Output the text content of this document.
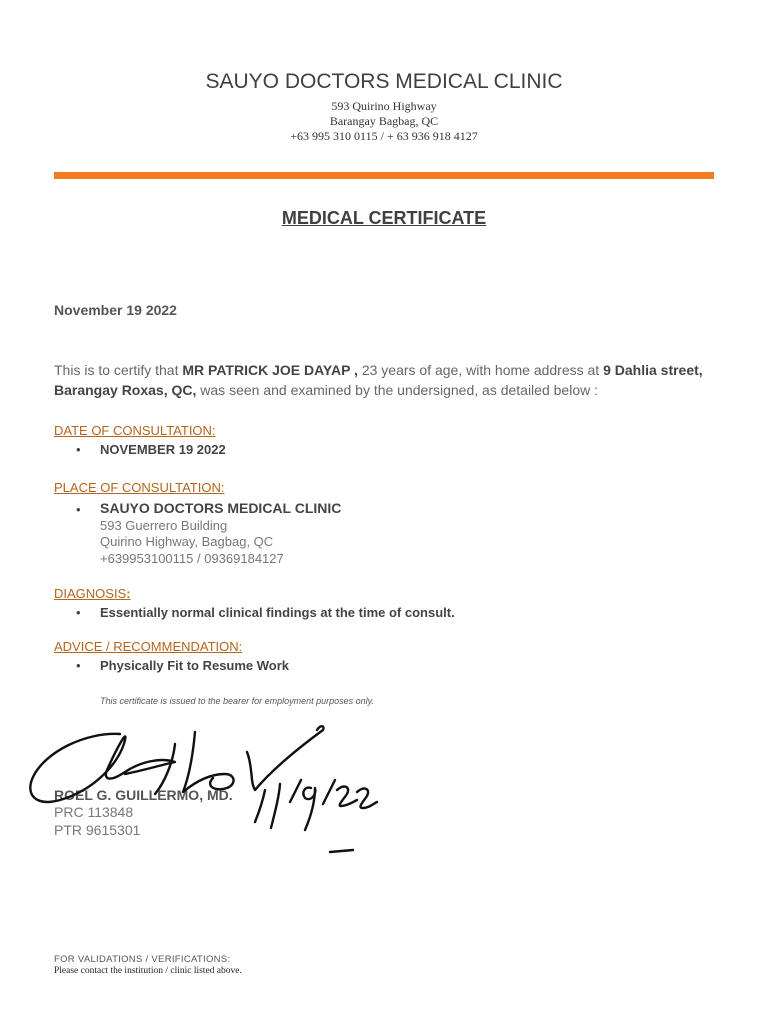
SAUYO DOCTORS MEDICAL CLINIC
593 Quirino Highway
Barangay Bagbag, QC
+63 995 310 0115 / + 63 936 918 4127
MEDICAL CERTIFICATE
November 19 2022
This is to certify that MR PATRICK JOE DAYAP , 23 years of age, with home address at 9 Dahlia street, Barangay Roxas, QC, was seen and examined by the undersigned, as detailed below :
DATE OF CONSULTATION:
• NOVEMBER 19 2022
PLACE OF CONSULTATION:
• SAUYO DOCTORS MEDICAL CLINIC
593 Guerrero Building
Quirino Highway, Bagbag, QC
+639953100115 / 09369184127
DIAGNOSIS:
• Essentially normal clinical findings at the time of consult.
ADVICE / RECOMMENDATION:
• Physically Fit to Resume Work
This certificate is issued to the bearer for employment purposes only.
ROEL G. GUILLERMO, MD.
PRC 113848
PTR 9615301
FOR VALIDATIONS / VERIFICATIONS:
Please contact the institution / clinic listed above.
